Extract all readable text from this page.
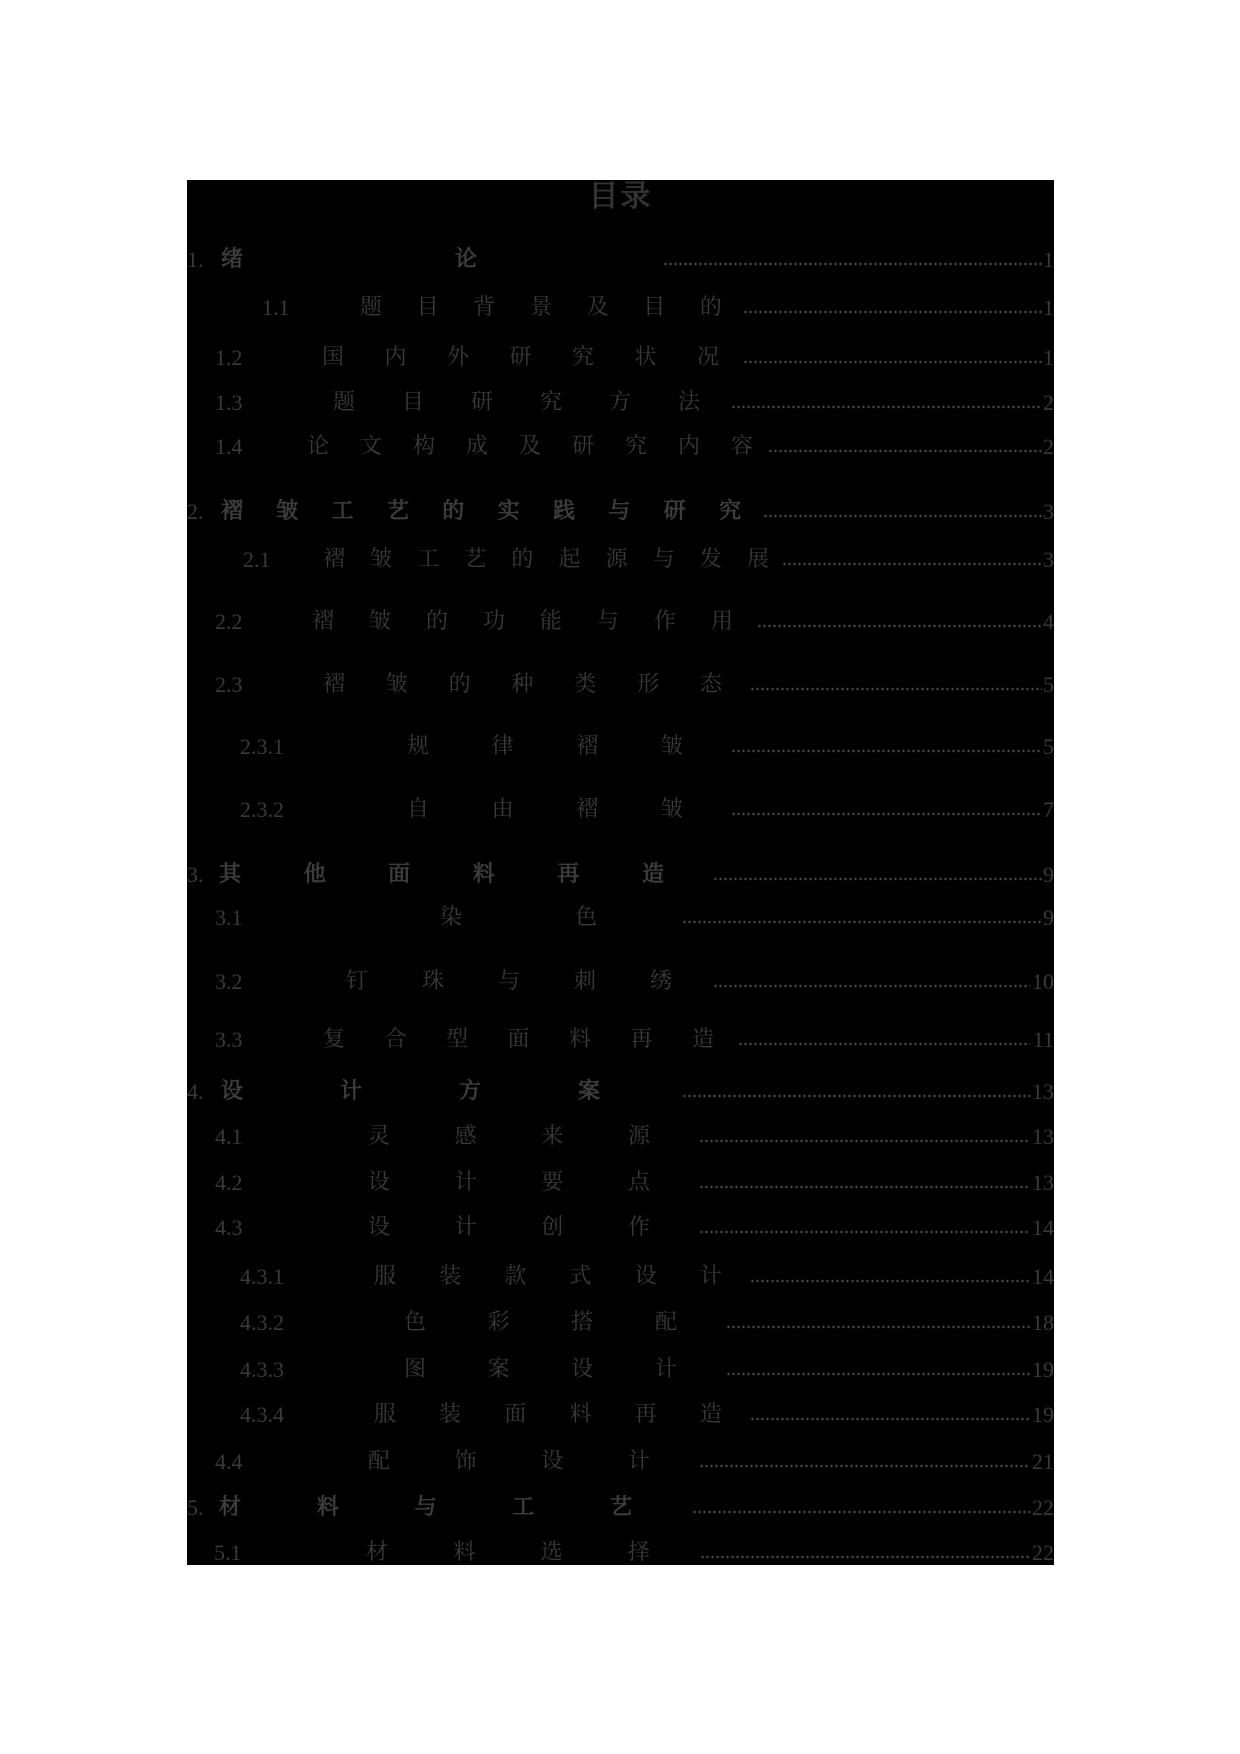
目录
1. 绪	论	1
1.1	题 目 背 景 及 目 的	1
1.2	国 内 外 研 究 状 况	1
1.3	题 目 研 究 方 法	2
1.4	论 文 构 成 及 研 究 内 容	2
2. 褶 皱 工 艺 的 实 践 与 研 究	3
2.1 褶 皱 工 艺 的 起 源 与 发 展	3
2.2	褶 皱 的 功 能 与 作 用	4
2.3	褶 皱 的 种 类 形 态	5
2.3.1	规	律	褶	皱	5
2.3.2	自	由	褶	皱	7
3. 其	他	面	料	再	造	9
3.1	染	色	9
3.2	钉 珠 与 刺 绣	10
3.3	复 合 型 面 料 再 造	11
4. 设	计	方	案	13
4.1	灵	感	来	源	13
4.2	设	计	要	点	13
4.3	设	计	创	作	14
4.3.1	服 装 款 式 设 计	14
4.3.2	色	彩	搭	配	18
4.3.3	图	案	设	计	19
4.3.4	服 装 面 料 再 造	19
4.4	配	饰	设	计	21
5. 材	料	与	工	艺	22
5.1	材	料	选	择	22
